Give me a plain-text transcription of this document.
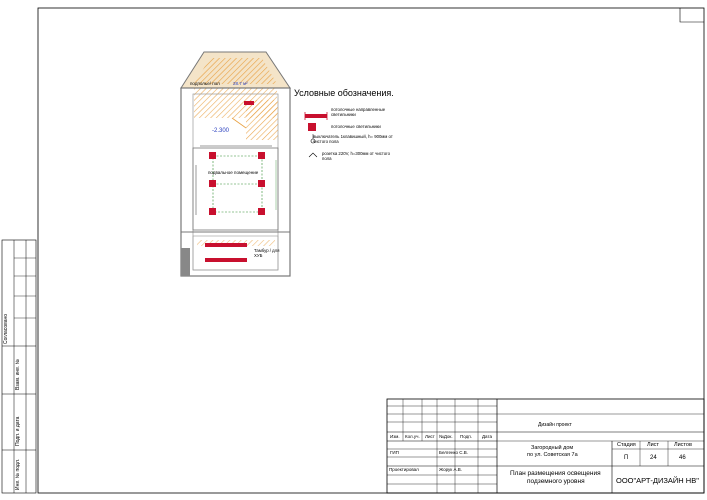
подполье/ пол	28.7 м²
-2.300
подвальное помещение
Тамбур / для ХУБ
Условные обозначения.
потолочные направленные светильники
потолочные светильники
выключатель 1клавишный, h= 900мм от чистого пола
розетка 220V, h=300мм от чистого пола
Согласовано
Взам. инв. №
Подп. и дата
Инв. № подл.
Изм. Кол.уч. Лист №Док. Подп. Дата
ГИП	Белгенко С.В.
Проектировал	Жорук А.В.
Дизайн проект
Загородный дом
по ул. Советская 7а
План размещения освещения
подземного уровня
Стадия Лист	Листов
П	24	46
ООО"АРТ-ДИЗАЙН НВ"
